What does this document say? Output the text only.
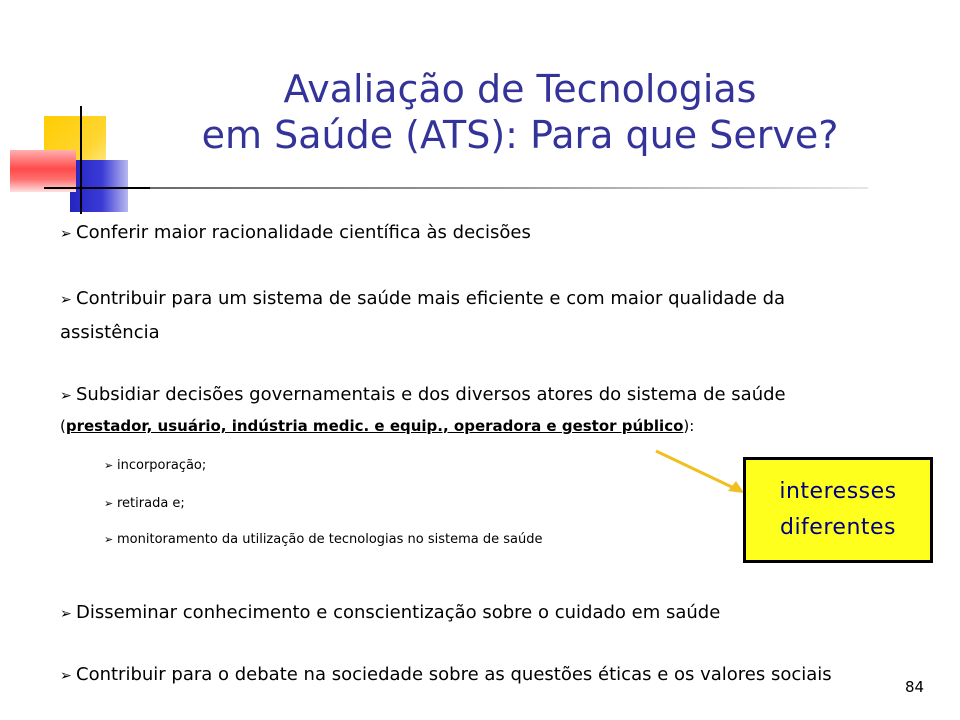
Avaliação de Tecnologias
em Saúde (ATS): Para que Serve?
➢ Conferir maior racionalidade científica às decisões
➢ Contribuir para um sistema de saúde mais eficiente e com maior qualidade da
assistência
➢ Subsidiar decisões governamentais e dos diversos atores do sistema de saúde
(prestador, usuário, indústria medic. e equip., operadora e gestor público):
➢ incorporação;
➢ retirada e;
➢ monitoramento da utilização de tecnologias no sistema de saúde
interesses
diferentes
➢ Disseminar conhecimento e conscientização sobre o cuidado em saúde
➢ Contribuir para o debate na sociedade sobre as questões éticas e os valores sociais
84
